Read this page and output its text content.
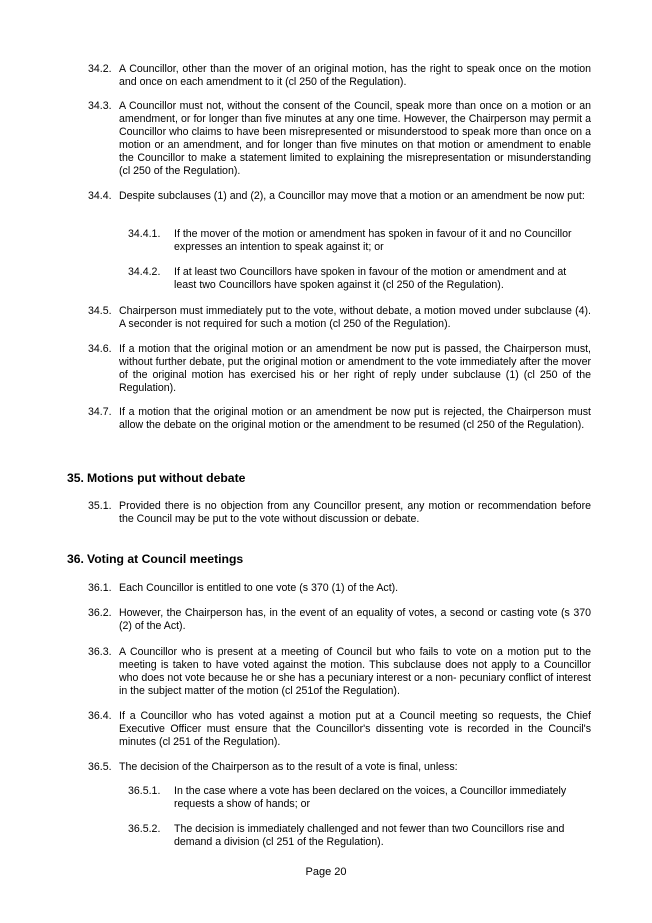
34.2. A Councillor, other than the mover of an original motion, has the right to speak once on the motion and once on each amendment to it (cl 250 of the Regulation).
34.3. A Councillor must not, without the consent of the Council, speak more than once on a motion or an amendment, or for longer than five minutes at any one time. However, the Chairperson may permit a Councillor who claims to have been misrepresented or misunderstood to speak more than once on a motion or an amendment, and for longer than five minutes on that motion or amendment to enable the Councillor to make a statement limited to explaining the misrepresentation or misunderstanding (cl 250 of the Regulation).
34.4. Despite subclauses (1) and (2), a Councillor may move that a motion or an amendment be now put:
34.4.1.	If the mover of the motion or amendment has spoken in favour of it and no Councillor expresses an intention to speak against it; or
34.4.2.	If at least two Councillors have spoken in favour of the motion or amendment and at least two Councillors have spoken against it (cl 250 of the Regulation).
34.5. Chairperson must immediately put to the vote, without debate, a motion moved under subclause (4). A seconder is not required for such a motion (cl 250 of the Regulation).
34.6. If a motion that the original motion or an amendment be now put is passed, the Chairperson must, without further debate, put the original motion or amendment to the vote immediately after the mover of the original motion has exercised his or her right of reply under subclause (1) (cl 250 of the Regulation).
34.7. If a motion that the original motion or an amendment be now put is rejected, the Chairperson must allow the debate on the original motion or the amendment to be resumed (cl 250 of the Regulation).
35. Motions put without debate
35.1. Provided there is no objection from any Councillor present, any motion or recommendation before the Council may be put to the vote without discussion or debate.
36. Voting at Council meetings
36.1. Each Councillor is entitled to one vote (s 370 (1) of the Act).
36.2. However, the Chairperson has, in the event of an equality of votes, a second or casting vote (s 370 (2) of the Act).
36.3. A Councillor who is present at a meeting of Council but who fails to vote on a motion put to the meeting is taken to have voted against the motion. This subclause does not apply to a Councillor who does not vote because he or she has a pecuniary interest or a non- pecuniary conflict of interest in the subject matter of the motion (cl 251of the Regulation).
36.4. If a Councillor who has voted against a motion put at a Council meeting so requests, the Chief Executive Officer must ensure that the Councillor's dissenting vote is recorded in the Council's minutes (cl 251 of the Regulation).
36.5. The decision of the Chairperson as to the result of a vote is final, unless:
36.5.1.	In the case where a vote has been declared on the voices, a Councillor immediately requests a show of hands; or
36.5.2.	The decision is immediately challenged and not fewer than two Councillors rise and demand a division (cl 251 of the Regulation).
Page 20
